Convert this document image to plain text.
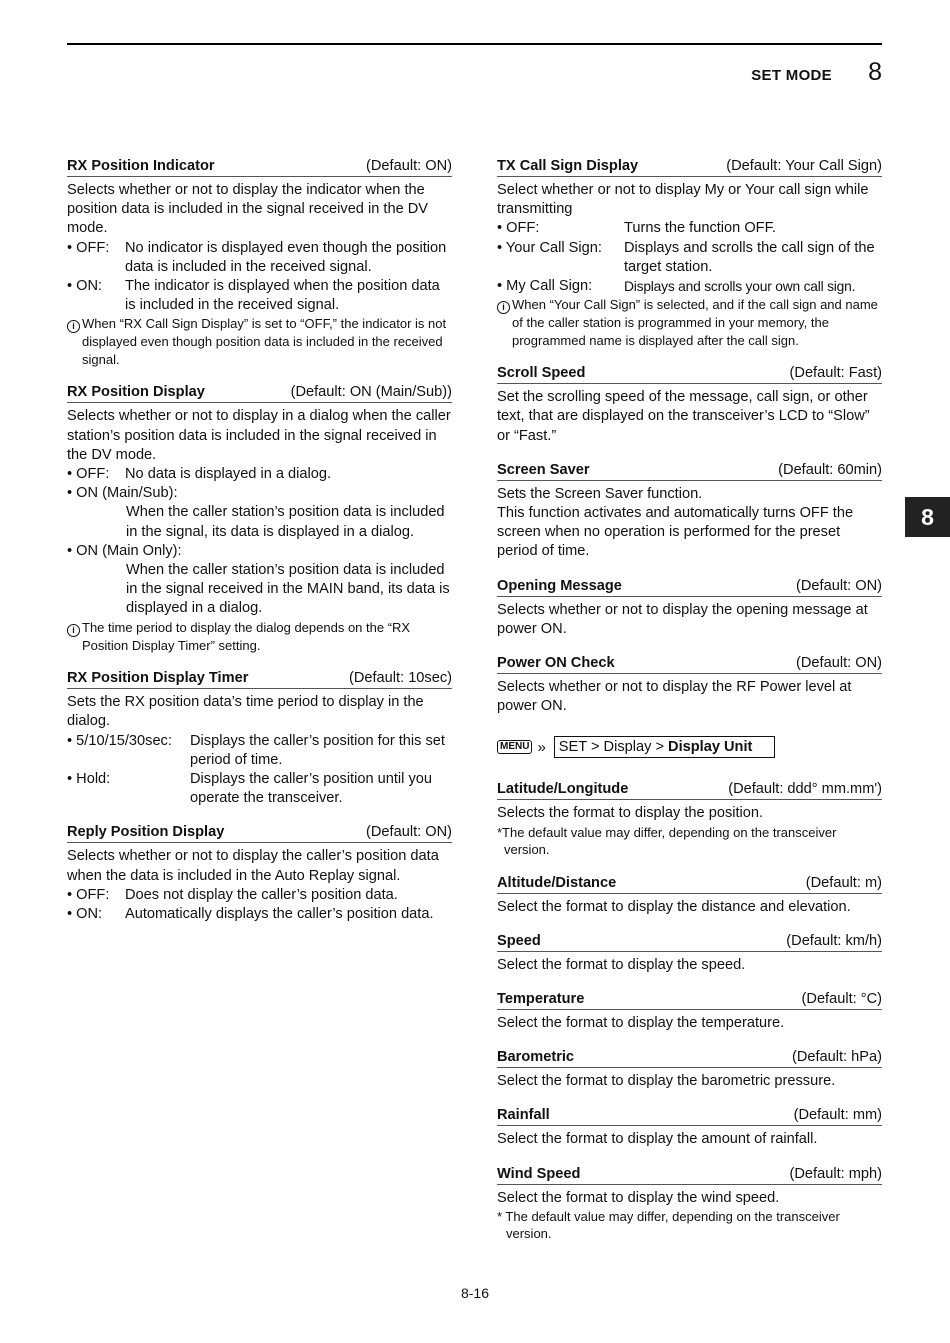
SET MODE 8
8
RX Position Indicator	(Default: ON)

Selects whether or not to display the indicator when the position data is included in the signal received in the DV mode.

• OFF:	No indicator is displayed even though the position data is included in the received signal.
• ON:	The indicator is displayed when the position data is included in the received signal.
i When “RX Call Sign Display” is set to “OFF,” the indicator is not displayed even though position data is included in the received signal.
RX Position Display	(Default: ON (Main/Sub))

Selects whether or not to display in a dialog when the caller station’s position data is included in the signal received in the DV mode.

• OFF:	No data is displayed in a dialog.
• ON (Main/Sub):
When the caller station’s position data is included in the signal, its data is displayed in a dialog.
• ON (Main Only):
When the caller station’s position data is included in the signal received in the MAIN band, its data is displayed in a dialog.
i The time period to display the dialog depends on the “RX Position Display Timer” setting.
RX Position Display Timer	(Default: 10sec)

Sets the RX position data’s time period to display in the dialog.

• 5/10/15/30sec:	Displays the caller’s position for this set period of time.
• Hold:	Displays the caller’s position until you operate the transceiver.
Reply Position Display	(Default: ON)

Selects whether or not to display the caller’s position data when the data is included in the Auto Replay signal.

• OFF:	Does not display the caller’s position data.
• ON:	Automatically displays the caller’s position data.
TX Call Sign Display	(Default: Your Call Sign)

Select whether or not to display My or Your call sign while transmitting

• OFF:	Turns the function OFF.
• Your Call Sign:	Displays and scrolls the call sign of the target station.
• My Call Sign:	Displays and scrolls your own call sign.
i When “Your Call Sign” is selected, and if the call sign and name of the caller station is programmed in your memory, the programmed name is displayed after the call sign.
Scroll Speed	(Default: Fast)

Set the scrolling speed of the message, call sign, or other text, that are displayed on the transceiver’s LCD to “Slow” or “Fast.”

Screen Saver	(Default: 60min)

Sets the Screen Saver function.

This function activates and automatically turns OFF the screen when no operation is performed for the preset period of time.

Opening Message	(Default: ON)

Selects whether or not to display the opening message at power ON.

Power ON Check	(Default: ON)

Selects whether or not to display the RF Power level at power ON.

MENU » SET > Display > Display Unit
Latitude/Longitude	(Default: ddd° mm.mm')

Selects the format to display the position.

*The default value may differ, depending on the transceiver version.
Altitude/Distance	(Default: m)

Select the format to display the distance and elevation.

Speed	(Default: km/h)

Select the format to display the speed.

Temperature	(Default: °C)

Select the format to display the temperature.

Barometric	(Default: hPa)

Select the format to display the barometric pressure.

Rainfall	(Default: mm)

Select the format to display the amount of rainfall.

Wind Speed	(Default: mph)

Select the format to display the wind speed.

* The default value may differ, depending on the transceiver version.
8-16
